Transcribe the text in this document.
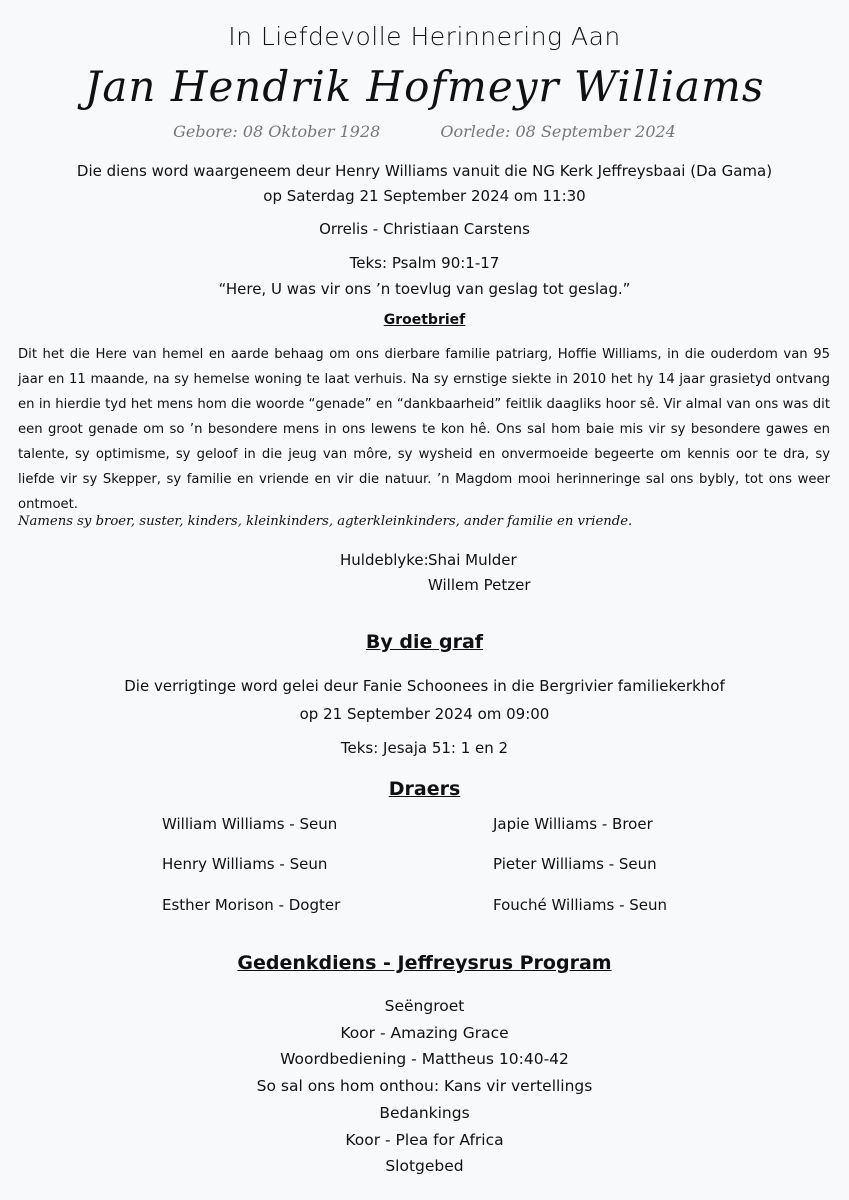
In Liefdevolle Herinnering Aan
Jan Hendrik Hofmeyr Williams
Gebore: 08 Oktober 1928	Oorlede: 08 September 2024
Die diens word waargeneem deur Henry Williams vanuit die NG Kerk Jeffreysbaai (Da Gama)
op Saterdag 21 September 2024 om 11:30
Orrelis - Christiaan Carstens
Teks: Psalm 90:1-17
“Here, U was vir ons ’n toevlug van geslag tot geslag.”
Groetbrief
Dit het die Here van hemel en aarde behaag om ons dierbare familie patriarg, Hoffie Williams, in die ouderdom van 95 jaar en 11 maande, na sy hemelse woning te laat verhuis. Na sy ernstige siekte in 2010 het hy 14 jaar grasietyd ontvang en in hierdie tyd het mens hom die woorde “genade” en “dankbaarheid” feitlik daagliks hoor sê. Vir almal van ons was dit een groot genade om so ’n besondere mens in ons lewens te kon hê. Ons sal hom baie mis vir sy besondere gawes en talente, sy optimisme, sy geloof in die jeug van môre, sy wysheid en onvermoeide begeerte om kennis oor te dra, sy liefde vir sy Skepper, sy familie en vriende en vir die natuur. ’n Magdom mooi herinneringe sal ons bybly, tot ons weer ontmoet.
Namens sy broer, suster, kinders, kleinkinders, agterkleinkinders, ander familie en vriende.
Huldeblyke: Shai Mulder
Willem Petzer
By die graf
Die verrigtinge word gelei deur Fanie Schoonees in die Bergrivier familiekerkhof
op 21 September 2024 om 09:00
Teks: Jesaja 51: 1 en 2
Draers
William Williams - Seun
Henry Williams - Seun
Esther Morison - Dogter
Japie Williams - Broer
Pieter Williams - Seun
Fouché Williams - Seun
Gedenkdiens - Jeffreysrus Program
Seëngroet
Koor - Amazing Grace
Woordbediening - Mattheus 10:40-42
So sal ons hom onthou: Kans vir vertellings
Bedankings
Koor - Plea for Africa
Slotgebed
